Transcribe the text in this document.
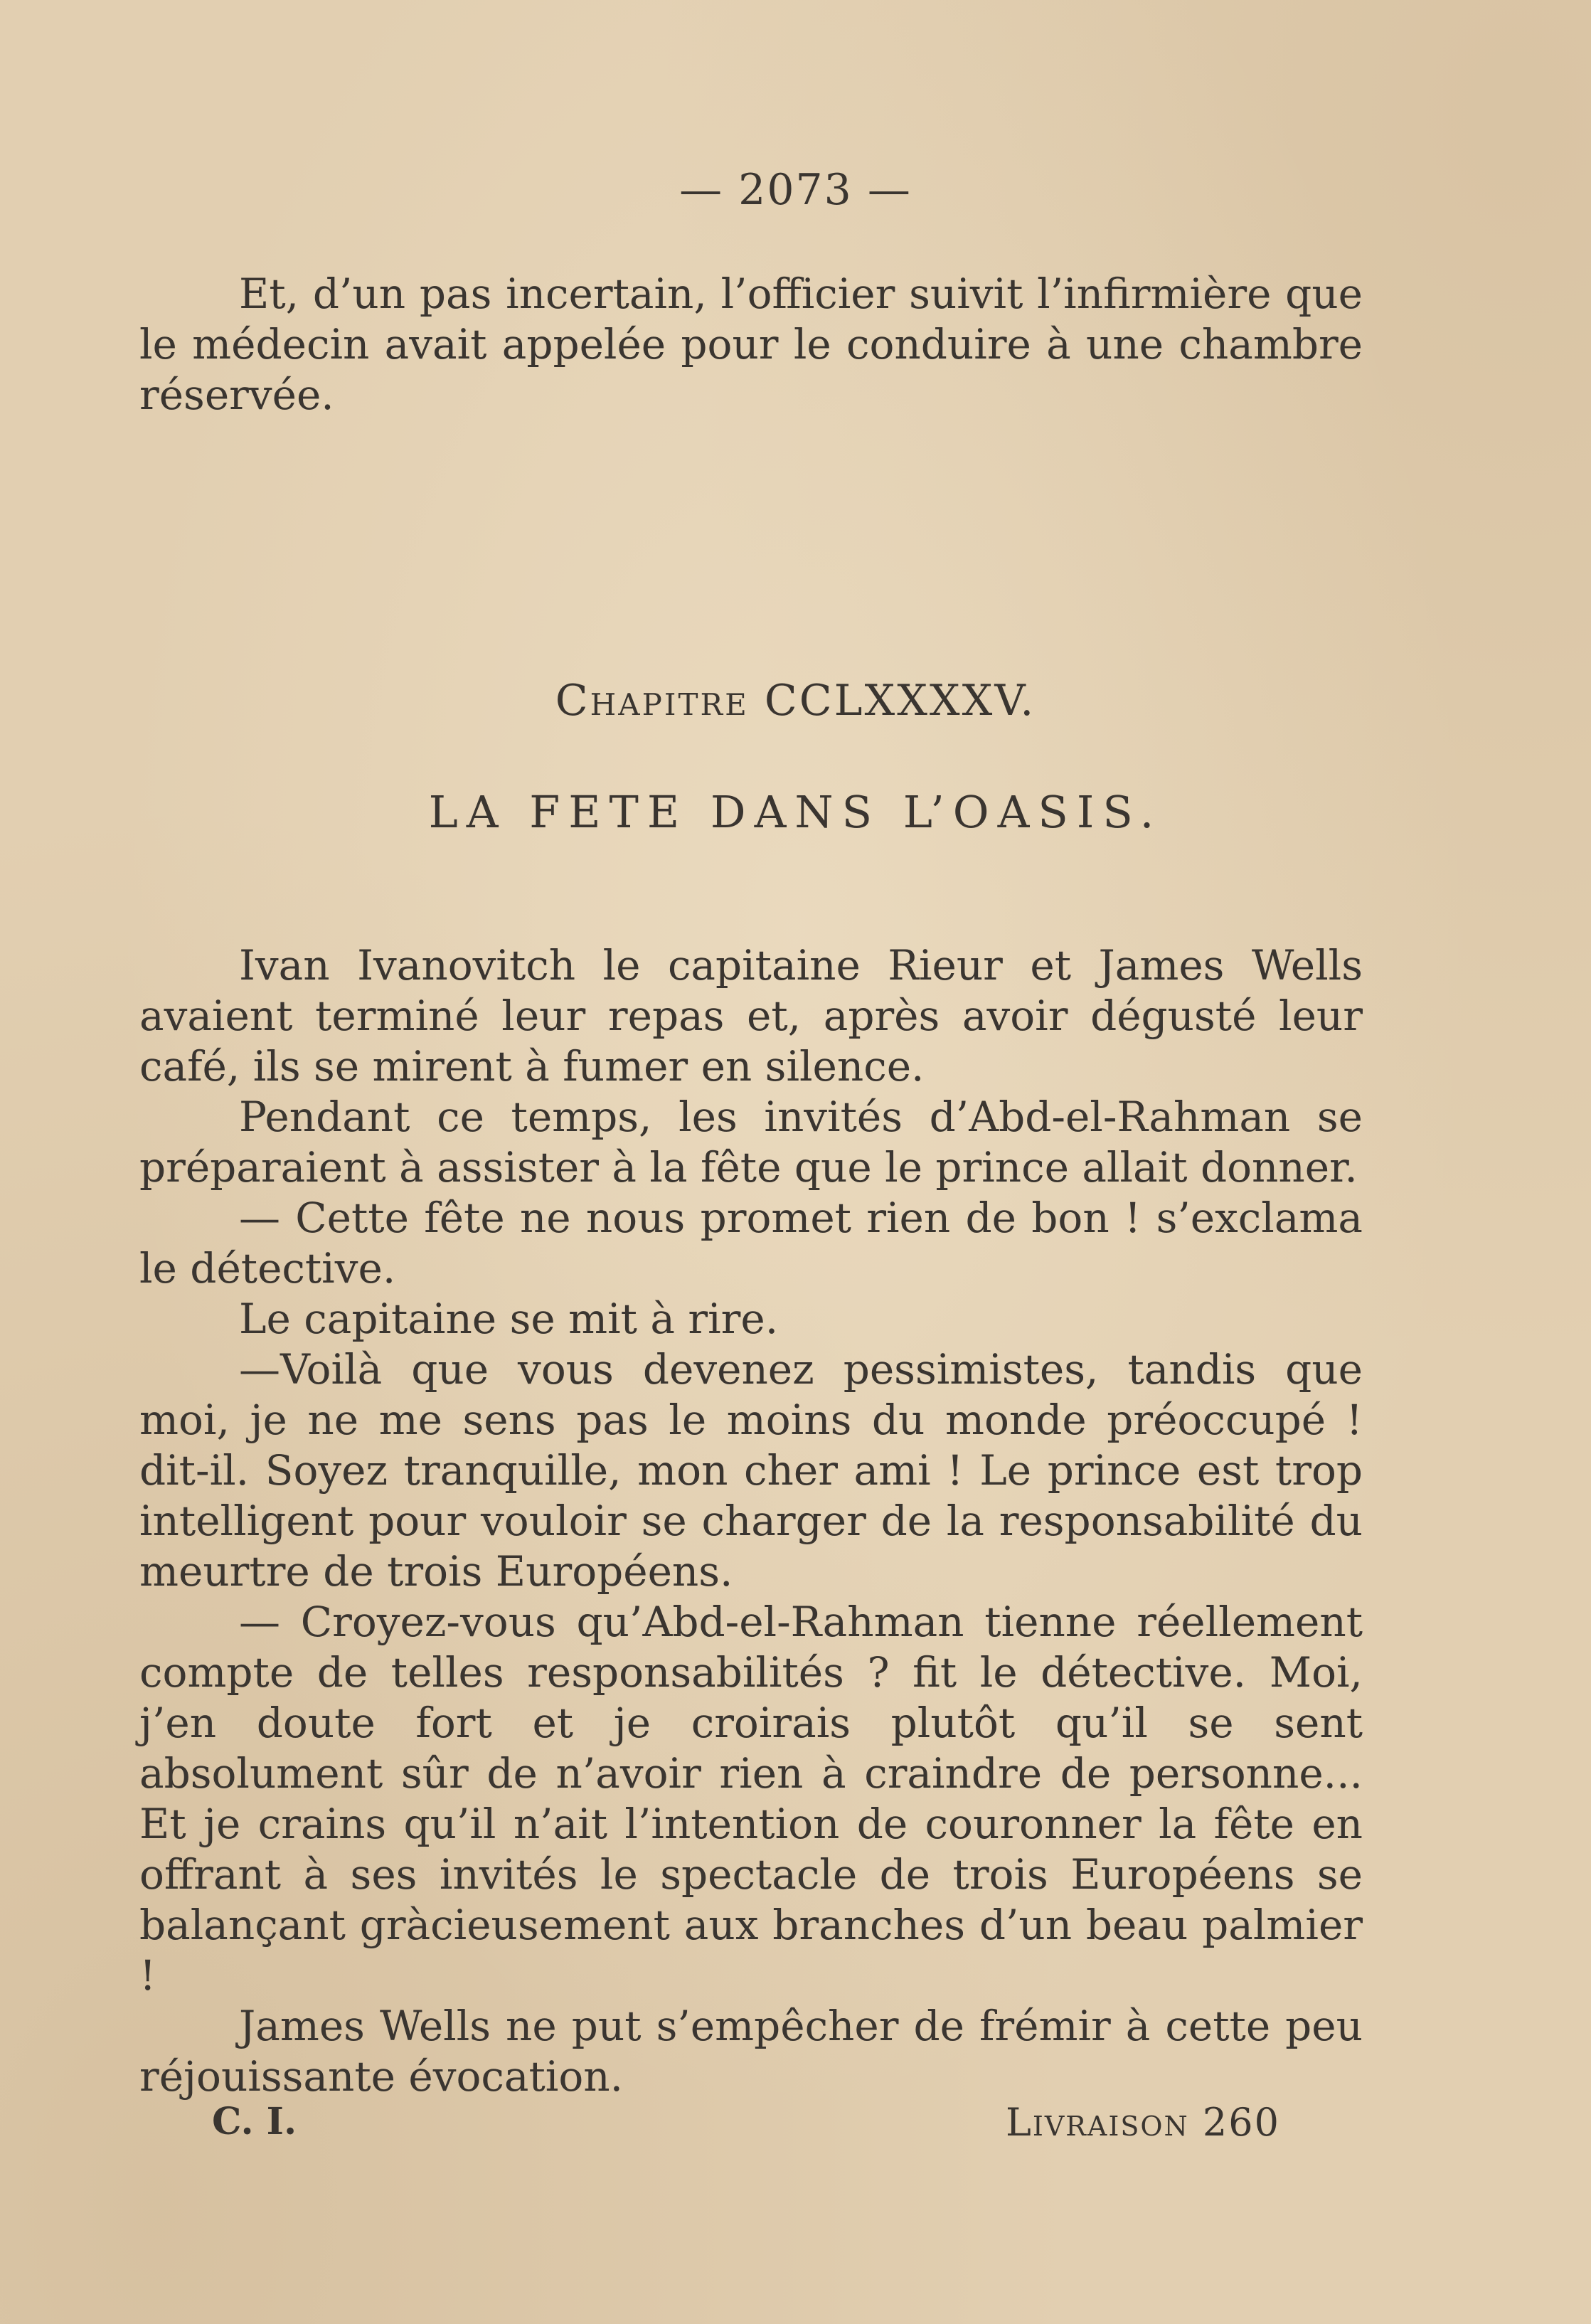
— 2073 —

Et, d’un pas incertain, l’officier suivit l’infirmière que le médecin avait appelée pour le conduire à une chambre réservée.

Chapitre CCLXXXXV.
LA FETE DANS L’OASIS.

Ivan Ivanovitch le capitaine Rieur et James Wells avaient terminé leur repas et, après avoir dégusté leur café, ils se mirent à fumer en silence.

Pendant ce temps, les invités d’Abd-el-Rahman se préparaient à assister à la fête que le prince allait donner.

— Cette fête ne nous promet rien de bon ! s’exclama le détective.

Le capitaine se mit à rire.

—Voilà que vous devenez pessimistes, tandis que moi, je ne me sens pas le moins du monde préoccupé ! dit-il. Soyez tranquille, mon cher ami ! Le prince est trop intelligent pour vouloir se charger de la responsabilité du meurtre de trois Européens.

— Croyez-vous qu’Abd-el-Rahman tienne réellement compte de telles responsabilités ? fit le détective. Moi, j’en doute fort et je croirais plutôt qu’il se sent absolument sûr de n’avoir rien à craindre de personne... Et je crains qu’il n’ait l’intention de couronner la fête en offrant à ses invités le spectacle de trois Européens se balançant gràcieusement aux branches d’un beau palmier !

James Wells ne put s’empêcher de frémir à cette peu réjouissante évocation.

C. I.	Livraison 260
